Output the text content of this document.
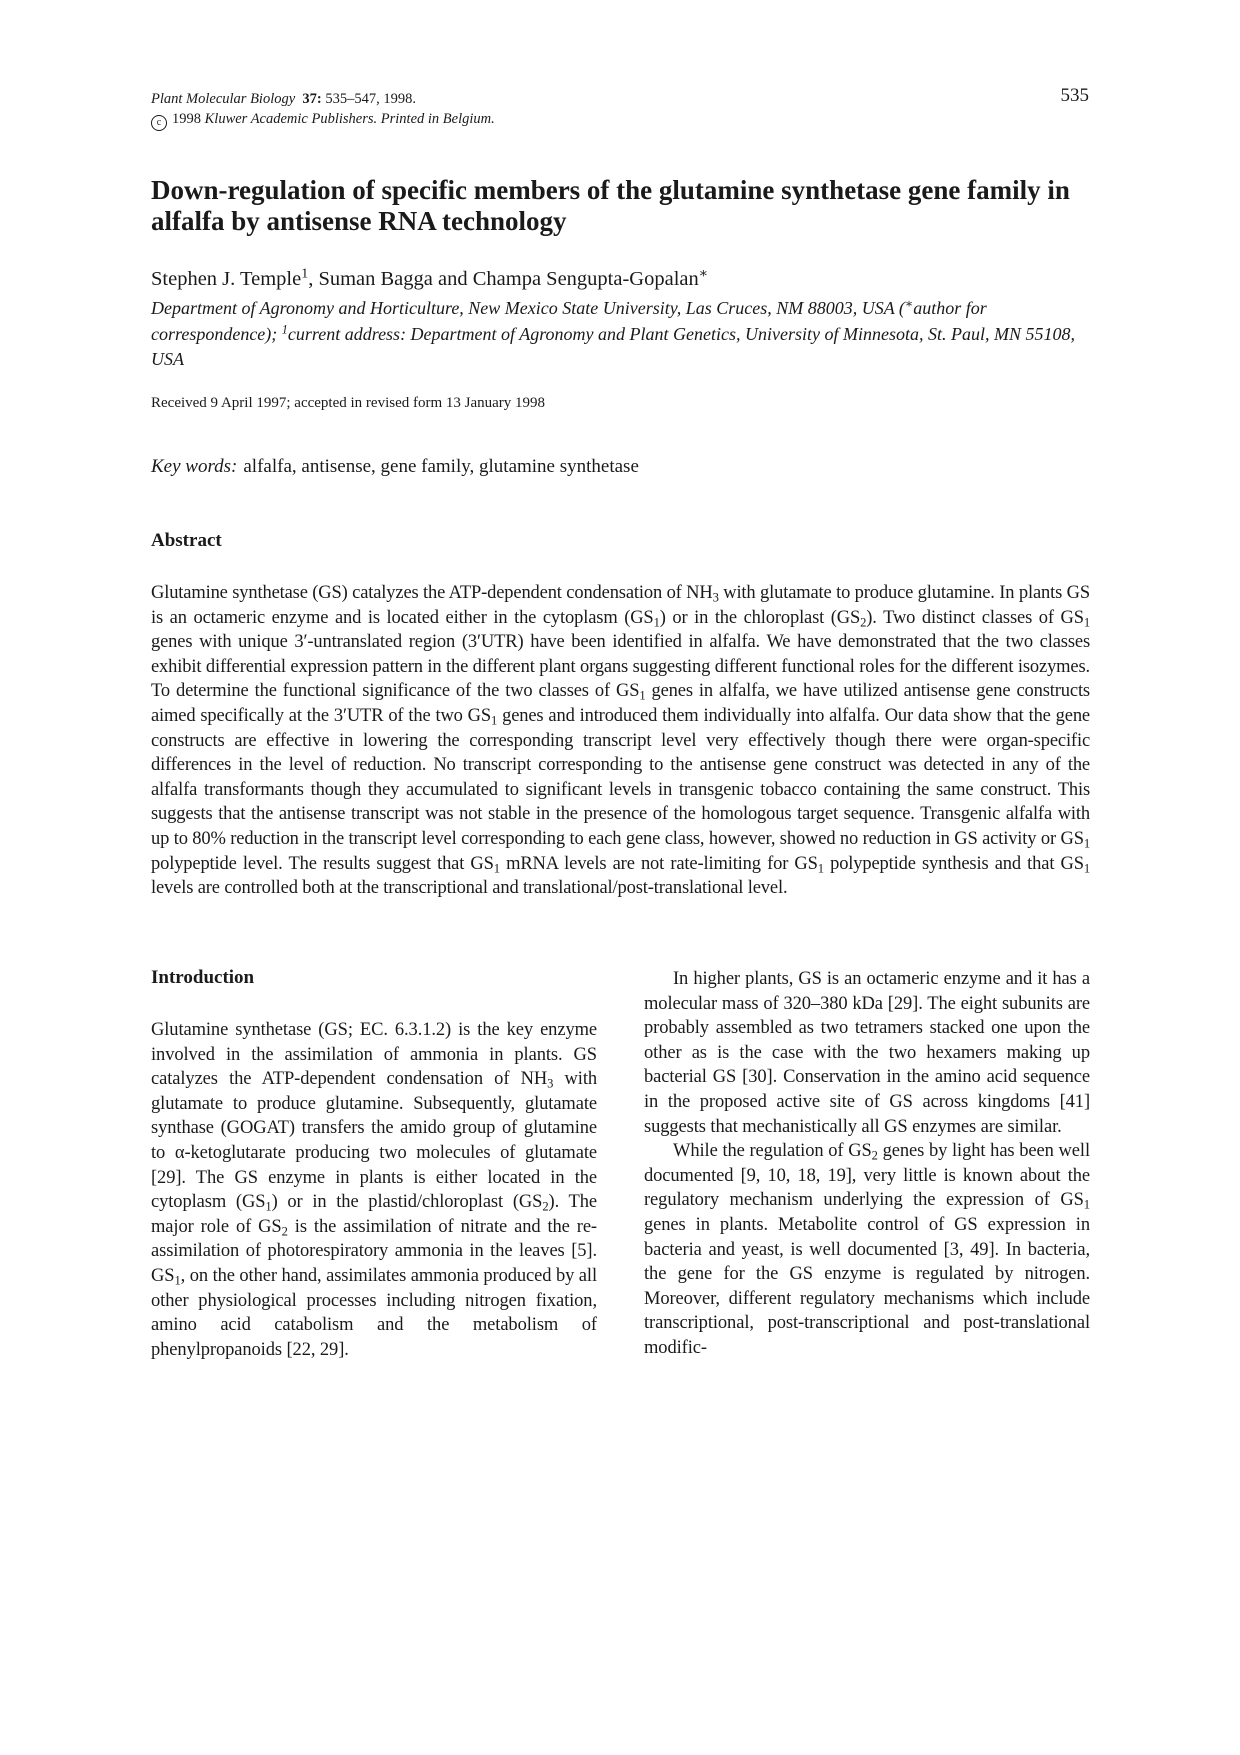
Plant Molecular Biology 37: 535–547, 1998.
c 1998 Kluwer Academic Publishers. Printed in Belgium.
535
Down-regulation of specific members of the glutamine synthetase gene family in alfalfa by antisense RNA technology

Stephen J. Temple$^1$, Suman Bagga and Champa Sengupta-Gopalan∗

Department of Agronomy and Horticulture, New Mexico State University, Las Cruces, NM 88003, USA (∗author for correspondence); $^1$current address: Department of Agronomy and Plant Genetics, University of Minnesota, St. Paul, MN 55108, USA

Received 9 April 1997; accepted in revised form 13 January 1998

Key words: alfalfa, antisense, gene family, glutamine synthetase

Abstract

Glutamine synthetase (GS) catalyzes the ATP-dependent condensation of $NH_3$ with glutamate to produce glutamine. In plants GS is an octameric enzyme and is located either in the cytoplasm $(GS_1)$ or in the chloroplast $(GS_2)$. Two distinct classes of $GS_1$ genes with unique 3′-untranslated region (3′UTR) have been identified in alfalfa. We have demonstrated that the two classes exhibit differential expression pattern in the different plant organs suggesting different functional roles for the different isozymes. To determine the functional significance of the two classes of $GS_1$ genes in alfalfa, we have utilized antisense gene constructs aimed specifically at the 3′UTR of the two $GS_1$ genes and introduced them individually into alfalfa. Our data show that the gene constructs are effective in lowering the corresponding transcript level very effectively though there were organ-specific differences in the level of reduction. No transcript corresponding to the antisense gene construct was detected in any of the alfalfa transformants though they accumulated to significant levels in transgenic tobacco containing the same construct. This suggests that the antisense transcript was not stable in the presence of the homologous target sequence. Transgenic alfalfa with up to 80% reduction in the transcript level corresponding to each gene class, however, showed no reduction in GS activity or $GS_1$ polypeptide level. The results suggest that $GS_1$ mRNA levels are not rate-limiting for $GS_1$ polypeptide synthesis and that $GS_1$ levels are controlled both at the transcriptional and translational/post-translational level.

Introduction

Glutamine synthetase (GS; EC. 6.3.1.2) is the key enzyme involved in the assimilation of ammonia in plants. GS catalyzes the ATP-dependent condensation of $NH_3$ with glutamate to produce glutamine. Subsequently, glutamate synthase (GOGAT) transfers the amido group of glutamine to α-ketoglutarate producing two molecules of glutamate [29]. The GS enzyme in plants is either located in the cytoplasm $(GS_1)$ or in the plastid/chloroplast $(GS_2)$. The major role of $GS_2$ is the assimilation of nitrate and the re-assimilation of photorespiratory ammonia in the leaves [5]. $GS_1$, on the other hand, assimilates ammonia produced by all other physiological processes including nitrogen fixation, amino acid catabolism and the metabolism of phenylpropanoids [22, 29].

In higher plants, GS is an octameric enzyme and it has a molecular mass of 320–380 kDa [29]. The eight subunits are probably assembled as two tetramers stacked one upon the other as is the case with the two hexamers making up bacterial GS [30]. Conservation in the amino acid sequence in the proposed active site of GS across kingdoms [41] suggests that mechanistically all GS enzymes are similar.

While the regulation of $GS_2$ genes by light has been well documented [9, 10, 18, 19], very little is known about the regulatory mechanism underlying the expression of $GS_1$ genes in plants. Metabolite control of GS expression in bacteria and yeast, is well documented [3, 49]. In bacteria, the gene for the GS enzyme is regulated by nitrogen. Moreover, different regulatory mechanisms which include transcriptional, post-transcriptional and post-translational modific-
